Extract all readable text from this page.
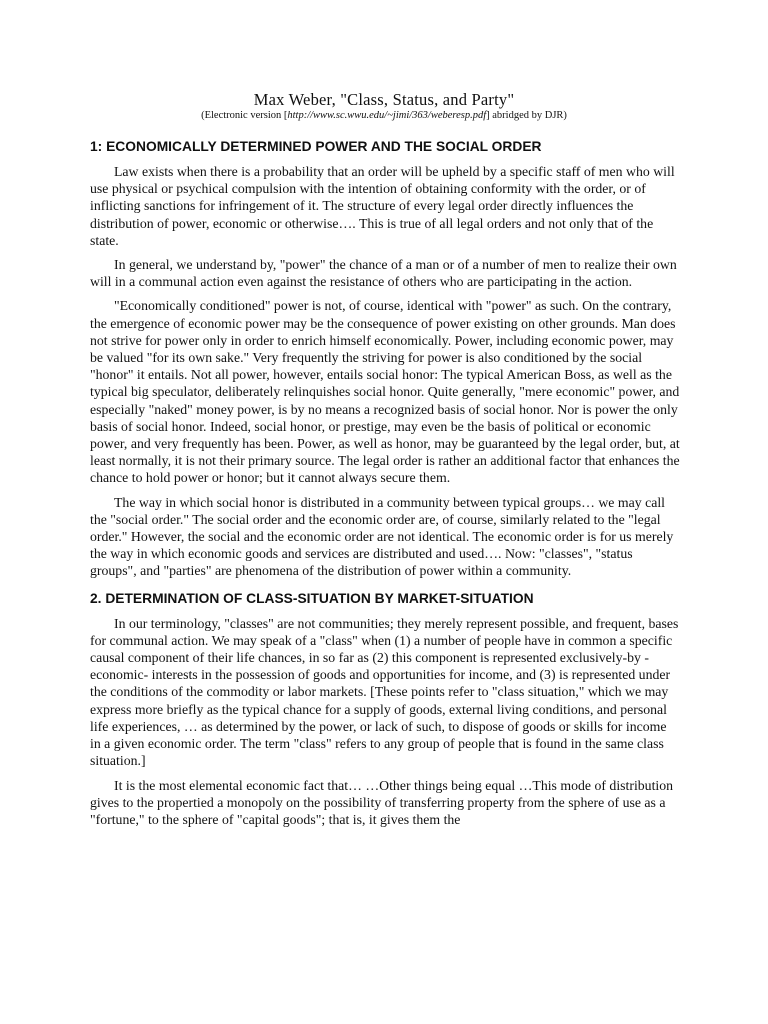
Max Weber, "Class, Status, and Party"
(Electronic version [http://www.sc.wwu.edu/~jimi/363/weberesp.pdf] abridged by DJR)
1: ECONOMICALLY DETERMINED POWER AND THE SOCIAL ORDER

Law exists when there is a probability that an order will be upheld by a specific staff of men who will use physical or psychical compulsion with the intention of obtaining conformity with the order, or of inflicting sanctions for infringement of it. The structure of every legal order directly influences the distribution of power, economic or otherwise…. This is true of all legal orders and not only that of the state.

In general, we understand by, "power" the chance of a man or of a number of men to realize their own will in a communal action even against the resistance of others who are participating in the action.

"Economically conditioned" power is not, of course, identical with "power" as such. On the contrary, the emergence of economic power may be the consequence of power existing on other grounds. Man does not strive for power only in order to enrich himself economically. Power, including economic power, may be valued "for its own sake." Very frequently the striving for power is also conditioned by the social "honor" it entails. Not all power, however, entails social honor: The typical American Boss, as well as the typical big speculator, deliberately relinquishes social honor. Quite generally, "mere economic" power, and especially "naked" money power, is by no means a recognized basis of social honor. Nor is power the only basis of social honor. Indeed, social honor, or prestige, may even be the basis of political or economic power, and very frequently has been. Power, as well as honor, may be guaranteed by the legal order, but, at least normally, it is not their primary source. The legal order is rather an additional factor that enhances the chance to hold power or honor; but it cannot always secure them.

The way in which social honor is distributed in a community between typical groups… we may call the "social order." The social order and the economic order are, of course, similarly related to the "legal order." However, the social and the economic order are not identical. The economic order is for us merely the way in which economic goods and services are distributed and used…. Now: "classes", "status groups", and "parties" are phenomena of the distribution of power within a community.

2. DETERMINATION OF CLASS-SITUATION BY MARKET-SITUATION

In our terminology, "classes" are not communities; they merely represent possible, and frequent, bases for communal action. We may speak of a "class" when (1) a number of people have in common a specific causal component of their life chances, in so far as (2) this component is represented exclusively-by -economic- interests in the possession of goods and opportunities for income, and (3) is represented under the conditions of the commodity or labor markets. [These points refer to "class situation," which we may express more briefly as the typical chance for a supply of goods, external living conditions, and personal life experiences, … as determined by the power, or lack of such, to dispose of goods or skills for income in a given economic order. The term "class" refers to any group of people that is found in the same class situation.]

It is the most elemental economic fact that… …Other things being equal …This mode of distribution gives to the propertied a monopoly on the possibility of transferring property from the sphere of use as a "fortune," to the sphere of "capital goods"; that is, it gives them the
